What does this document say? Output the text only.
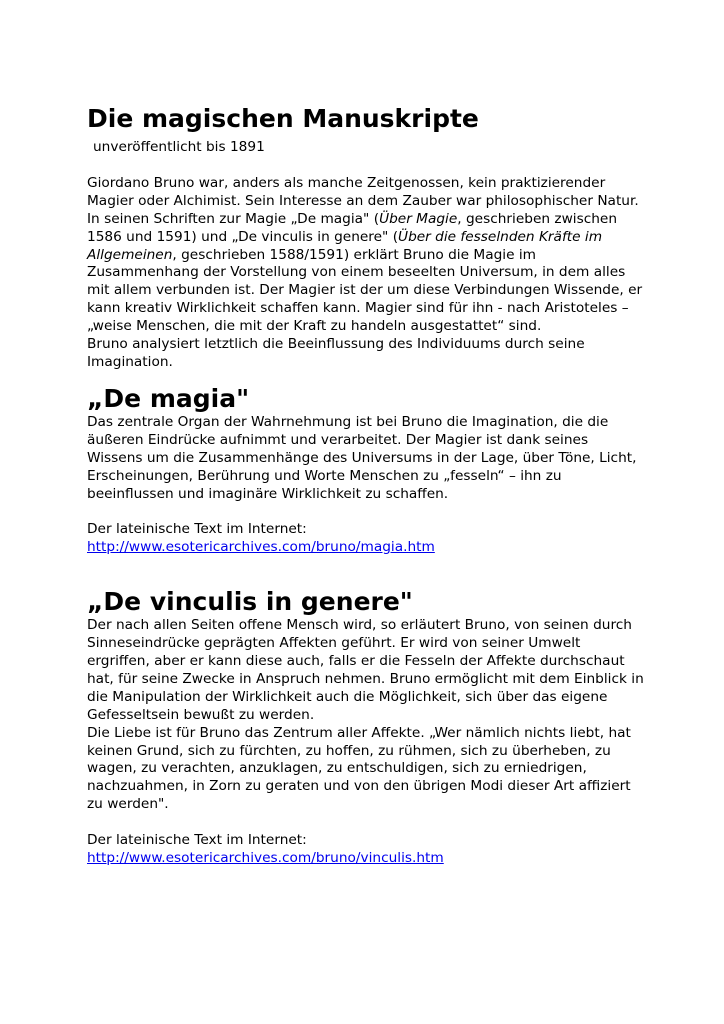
Die magischen Manuskripte

unveröffentlicht bis 1891

Giordano Bruno war, anders als manche Zeitgenossen, kein praktizierender Magier oder Alchimist. Sein Interesse an dem Zauber war philosophischer Natur.

In seinen Schriften zur Magie „De magia" (Über Magie, geschrieben zwischen 1586 und 1591) und „De vinculis in genere" (Über die fesselnden Kräfte im Allgemeinen, geschrieben 1588/1591) erklärt Bruno die Magie im Zusammenhang der Vorstellung von einem beseelten Universum, in dem alles mit allem verbunden ist. Der Magier ist der um diese Verbindungen Wissende, er kann kreativ Wirklichkeit schaffen kann. Magier sind für ihn - nach Aristoteles – „weise Menschen, die mit der Kraft zu handeln ausgestattet“ sind.

Bruno analysiert letztlich die Beeinflussung des Individuums durch seine Imagination.

„De magia"

Das zentrale Organ der Wahrnehmung ist bei Bruno die Imagination, die die äußeren Eindrücke aufnimmt und verarbeitet. Der Magier ist dank seines Wissens um die Zusammenhänge des Universums in der Lage, über Töne, Licht, Erscheinungen, Berührung und Worte Menschen zu „fesseln“ – ihn zu beeinflussen und imaginäre Wirklichkeit zu schaffen.

Der lateinische Text im Internet:

http://www.esotericarchives.com/bruno/magia.htm

„De vinculis in genere"

Der nach allen Seiten offene Mensch wird, so erläutert Bruno, von seinen durch Sinneseindrücke geprägten Affekten geführt. Er wird von seiner Umwelt ergriffen, aber er kann diese auch, falls er die Fesseln der Affekte durchschaut hat, für seine Zwecke in Anspruch nehmen. Bruno ermöglicht mit dem Einblick in die Manipulation der Wirklichkeit auch die Möglichkeit, sich über das eigene Gefesseltsein bewußt zu werden.

Die Liebe ist für Bruno das Zentrum aller Affekte. „Wer nämlich nichts liebt, hat keinen Grund, sich zu fürchten, zu hoffen, zu rühmen, sich zu überheben, zu wagen, zu verachten, anzuklagen, zu entschuldigen, sich zu erniedrigen, nachzuahmen, in Zorn zu geraten und von den übrigen Modi dieser Art affiziert zu werden".

Der lateinische Text im Internet:

http://www.esotericarchives.com/bruno/vinculis.htm
